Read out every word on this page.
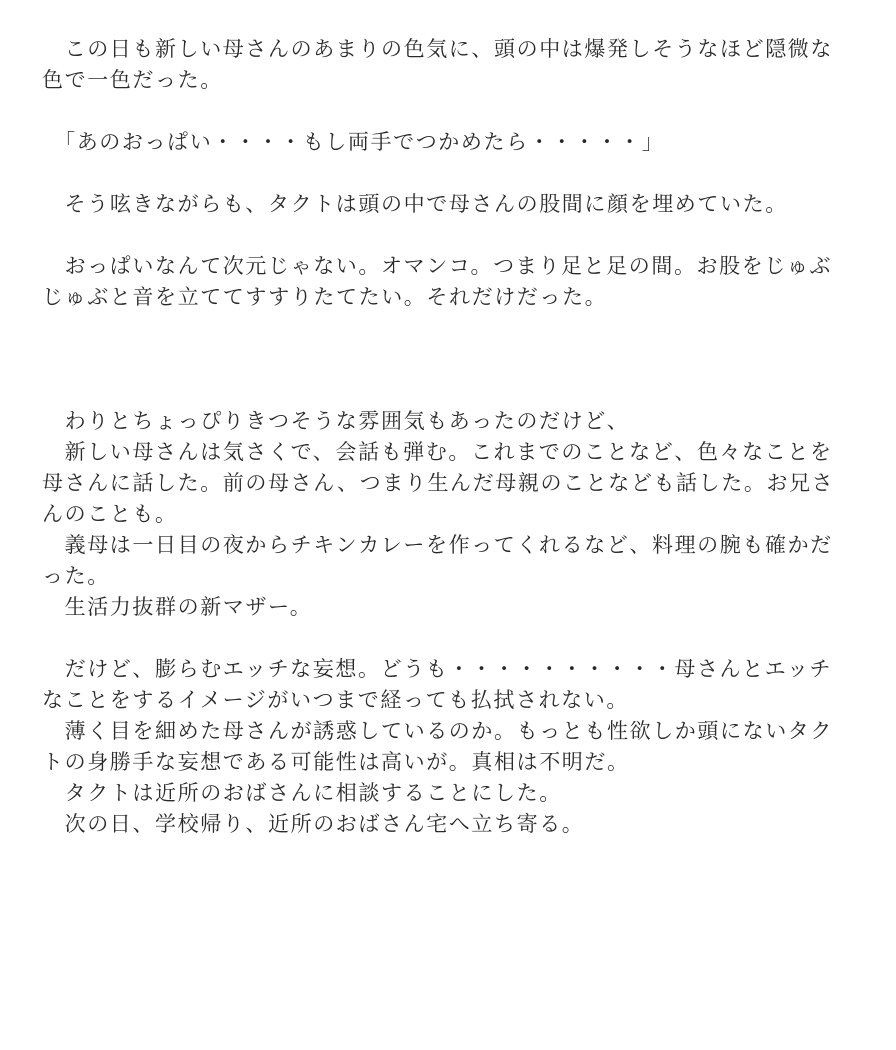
　この日も新しい母さんのあまりの色気に、頭の中は爆発しそうなほど隠微な色で一色だった。

　「あのおっぱい・・・・もし両手でつかめたら・・・・・」

　そう呟きながらも、タクトは頭の中で母さんの股間に顔を埋めていた。

　おっぱいなんて次元じゃない。オマンコ。つまり足と足の間。お股をじゅぶじゅぶと音を立ててすすりたてたい。それだけだった。

　わりとちょっぴりきつそうな雰囲気もあったのだけど、

　新しい母さんは気さくで、会話も弾む。これまでのことなど、色々なことを母さんに話した。前の母さん、つまり生んだ母親のことなども話した。お兄さんのことも。

　義母は一日目の夜からチキンカレーを作ってくれるなど、料理の腕も確かだった。

　生活力抜群の新マザー。

　だけど、膨らむエッチな妄想。どうも・・・・・・・・・・母さんとエッチなことをするイメージがいつまで経っても払拭されない。

　薄く目を細めた母さんが誘惑しているのか。もっとも性欲しか頭にないタクトの身勝手な妄想である可能性は高いが。真相は不明だ。

　タクトは近所のおばさんに相談することにした。

　次の日、学校帰り、近所のおばさん宅へ立ち寄る。
